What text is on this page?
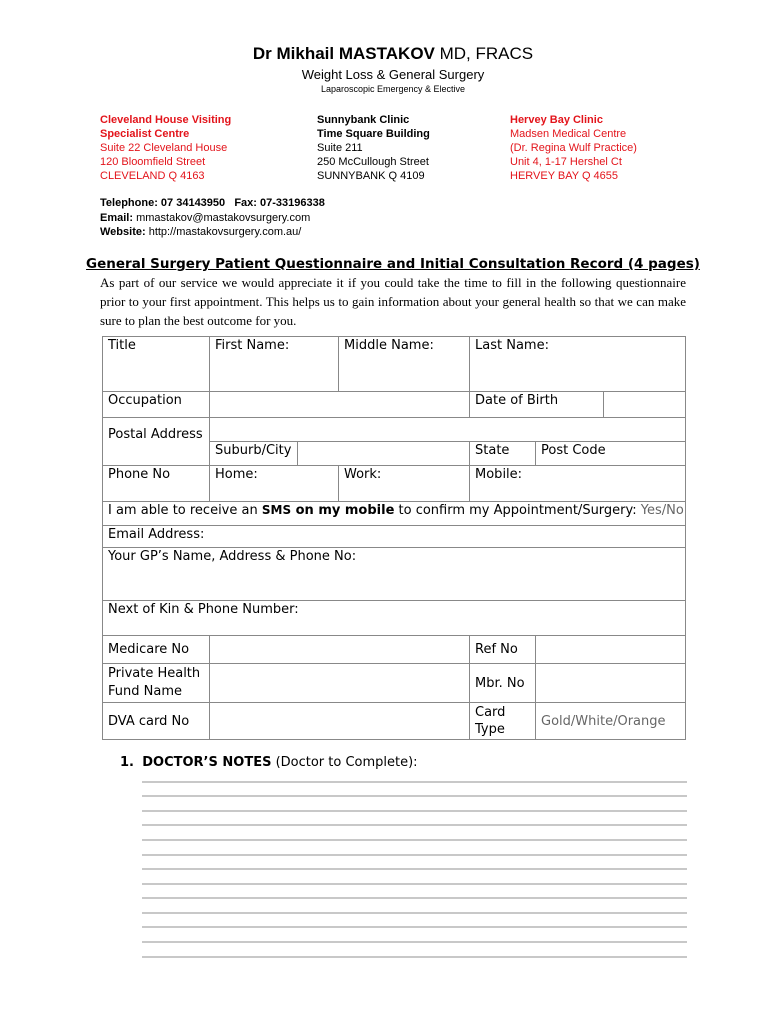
Dr Mikhail MASTAKOV MD, FRACS
Weight Loss & General Surgery
Laparoscopic Emergency & Elective
Cleveland House Visiting
Specialist Centre
Suite 22 Cleveland House
120 Bloomfield Street
CLEVELAND Q 4163
Sunnybank Clinic
Time Square Building
Suite 211
250 McCullough Street
SUNNYBANK Q 4109
Hervey Bay Clinic
Madsen Medical Centre
(Dr. Regina Wulf Practice)
Unit 4, 1-17 Hershel Ct
HERVEY BAY Q 4655
Telephone: 07 34143950 Fax: 07-33196338
Email: mmastakov@mastakovsurgery.com
Website: http://mastakovsurgery.com.au/
General Surgery Patient Questionnaire and Initial Consultation Record (4 pages)
As part of our service we would appreciate it if you could take the time to fill in the following questionnaire prior to your first appointment. This helps us to gain information about your general health so that we can make sure to plan the best outcome for you.
Title	First Name:		Middle Name:	Last Name:		
Occupation				Date of Birth		

Postal Address						

	Suburb/City			State	Post Code	
Phone No	Home:		Work:	Mobile:		
I am able to receive an SMS on my mobile to confirm my Appointment/Surgery: Yes/No						
Email Address:						
Your GP’s Name, Address & Phone No:						
Next of Kin & Phone Number:						
Medicare No				Ref No		

Private Health
Fund Name				Mbr. No		
DVA card No				Card
Type	Gold/White/Orange	
1. DOCTOR’S NOTES (Doctor to Complete):
